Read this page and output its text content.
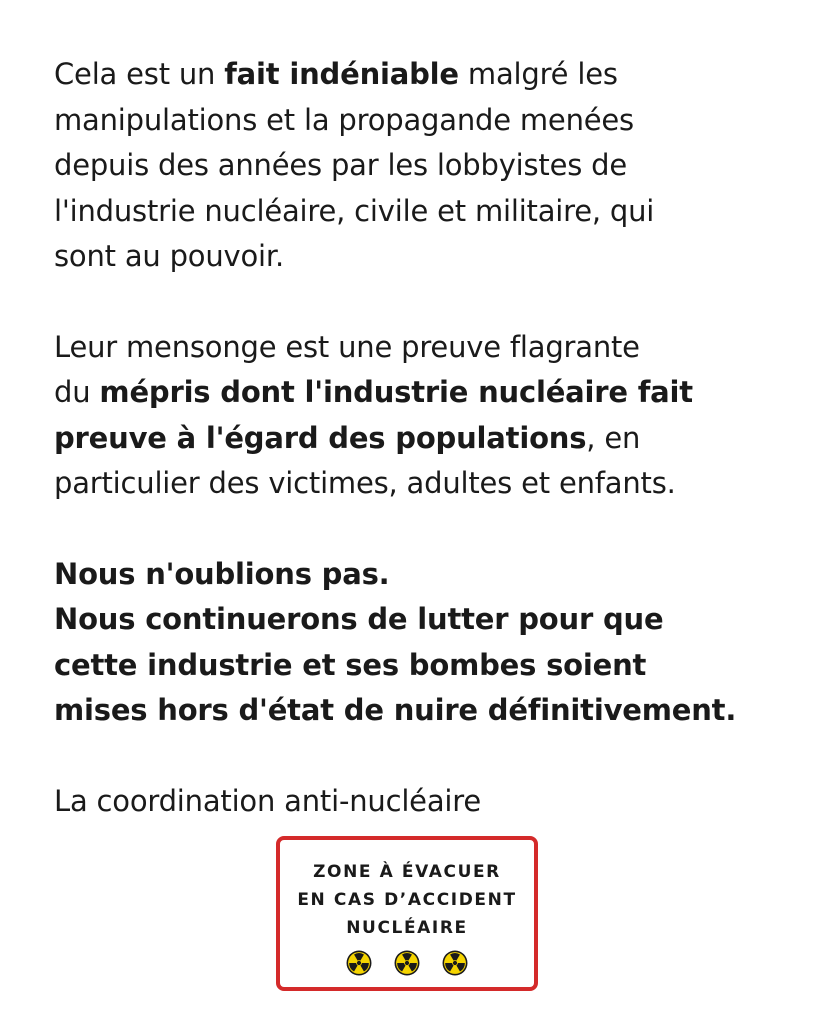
Cela est un fait indéniable malgré les
manipulations et la propagande menées
depuis des années par les lobbyistes de
l'industrie nucléaire, civile et militaire, qui
sont au pouvoir.

Leur mensonge est une preuve flagrante
du mépris dont l'industrie nucléaire fait
preuve à l'égard des populations, en
particulier des victimes, adultes et enfants.

Nous n'oublions pas.
Nous continuerons de lutter pour que
cette industrie et ses bombes soient
mises hors d'état de nuire définitivement.

La coordination anti-nucléaire

ZONE À ÉVACUER
EN CAS D’ACCIDENT
NUCLÉAIRE
